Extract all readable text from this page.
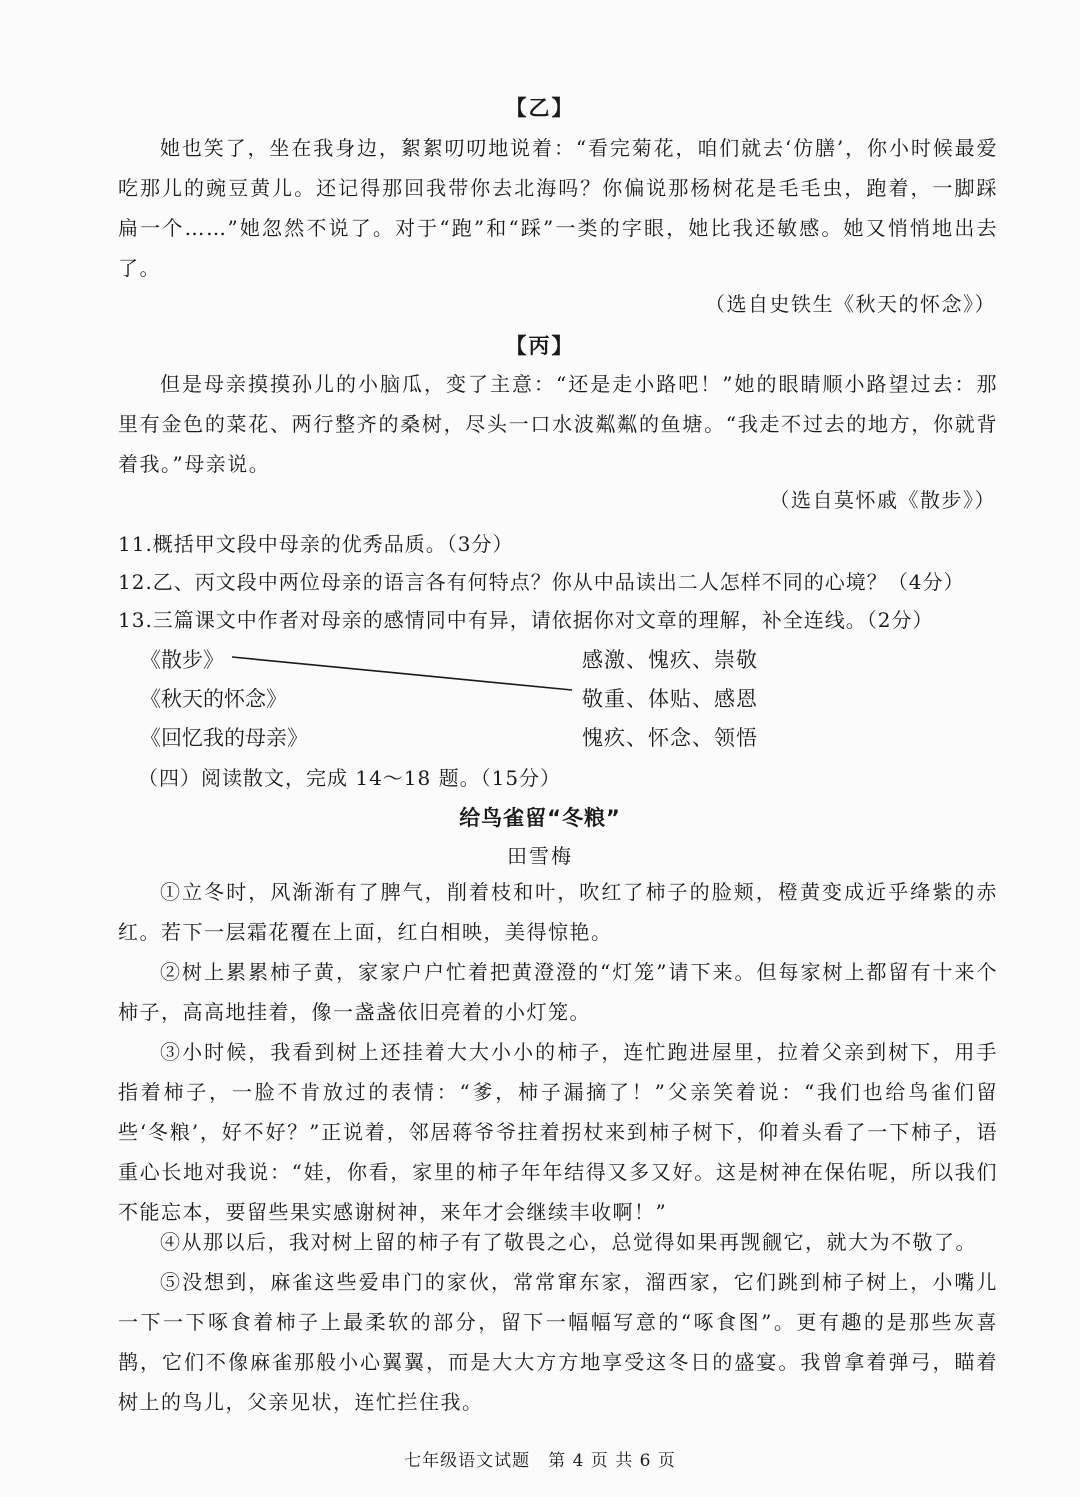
【乙】
她也笑了，坐在我身边，絮絮叨叨地说着：“看完菊花，咱们就去‘仿膳’，你小时候最爱吃那儿的豌豆黄儿。还记得那回我带你去北海吗？你偏说那杨树花是毛毛虫，跑着，一脚踩扁一个……”她忽然不说了。对于“跑”和“踩”一类的字眼，她比我还敏感。她又悄悄地出去了。
（选自史铁生《秋天的怀念》）
【丙】
但是母亲摸摸孙儿的小脑瓜，变了主意：“还是走小路吧！”她的眼睛顺小路望过去：那里有金色的菜花、两行整齐的桑树，尽头一口水波粼粼的鱼塘。“我走不过去的地方，你就背着我。”母亲说。
（选自莫怀戚《散步》）
11.概括甲文段中母亲的优秀品质。（3分）
12.乙、丙文段中两位母亲的语言各有何特点？你从中品读出二人怎样不同的心境？（4分）
13.三篇课文中作者对母亲的感情同中有异，请依据你对文章的理解，补全连线。（2分）
《散步》
《秋天的怀念》
《回忆我的母亲》
感激、愧疚、崇敬
敬重、体贴、感恩
愧疚、怀念、领悟
（四）阅读散文，完成 14～18 题。（15分）
给鸟雀留“冬粮”
田雪梅
①立冬时，风渐渐有了脾气，削着枝和叶，吹红了柿子的脸颊，橙黄变成近乎绛紫的赤红。若下一层霜花覆在上面，红白相映，美得惊艳。
②树上累累柿子黄，家家户户忙着把黄澄澄的“灯笼”请下来。但每家树上都留有十来个柿子，高高地挂着，像一盏盏依旧亮着的小灯笼。
③小时候，我看到树上还挂着大大小小的柿子，连忙跑进屋里，拉着父亲到树下，用手指着柿子，一脸不肯放过的表情：“爹，柿子漏摘了！”父亲笑着说：“我们也给鸟雀们留些‘冬粮’，好不好？”正说着，邻居蒋爷爷拄着拐杖来到柿子树下，仰着头看了一下柿子，语重心长地对我说：“娃，你看，家里的柿子年年结得又多又好。这是树神在保佑呢，所以我们不能忘本，要留些果实感谢树神，来年才会继续丰收啊！”
④从那以后，我对树上留的柿子有了敬畏之心，总觉得如果再觊觎它，就大为不敬了。
⑤没想到，麻雀这些爱串门的家伙，常常窜东家，溜西家，它们跳到柿子树上，小嘴儿一下一下啄食着柿子上最柔软的部分，留下一幅幅写意的“啄食图”。更有趣的是那些灰喜鹊，它们不像麻雀那般小心翼翼，而是大大方方地享受这冬日的盛宴。我曾拿着弹弓，瞄着树上的鸟儿，父亲见状，连忙拦住我。
七年级语文试题　第 4 页 共 6 页
